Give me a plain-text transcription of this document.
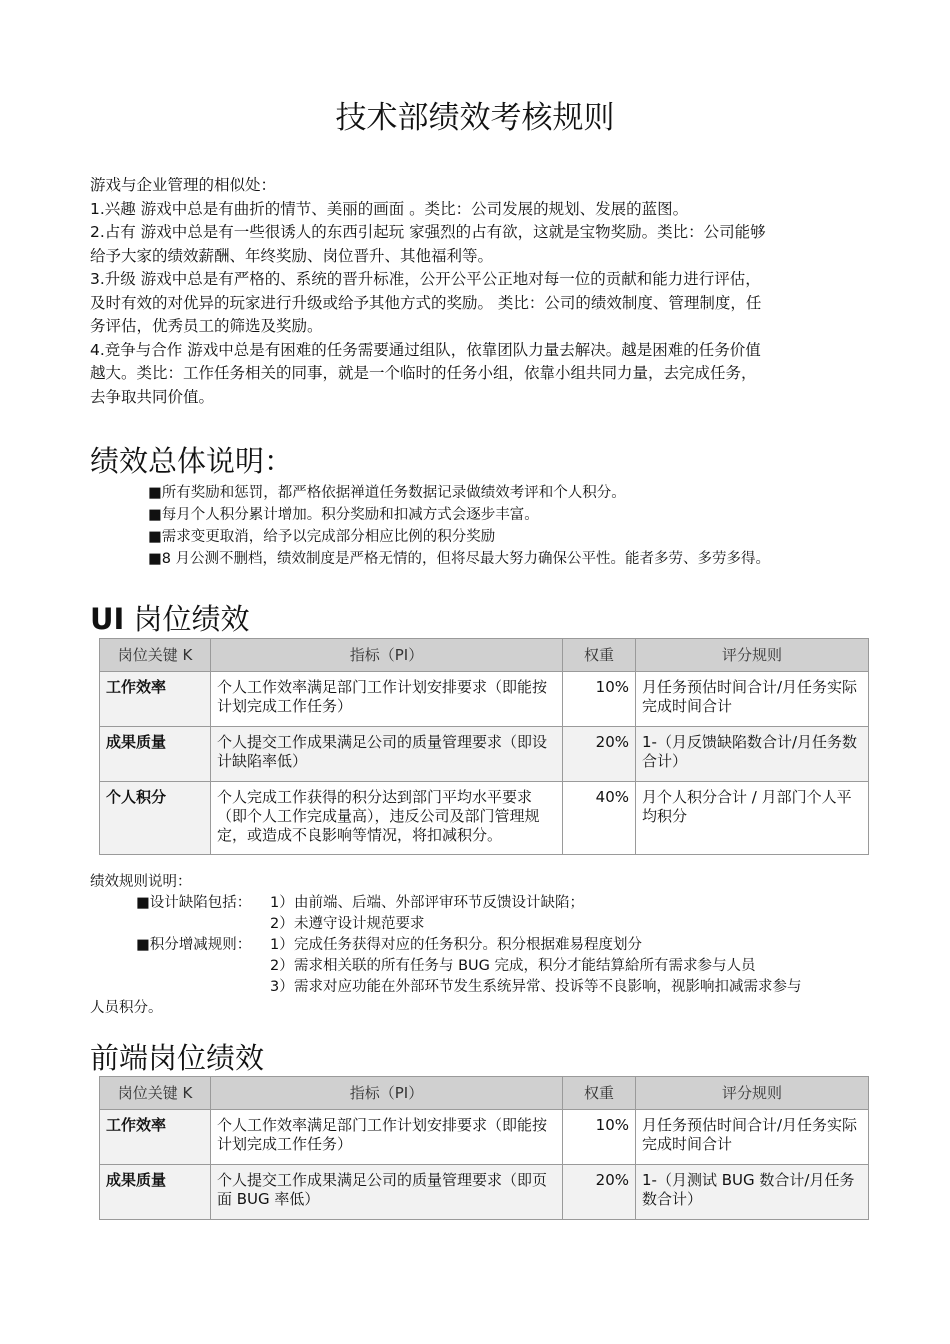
技术部绩效考核规则

游戏与企业管理的相似处：

1.兴趣 游戏中总是有曲折的情节、美丽的画面 。类比：公司发展的规划、发展的蓝图。

2.占有 游戏中总是有一些很诱人的东西引起玩 家强烈的占有欲，这就是宝物奖励。类比：公司能够

给予大家的绩效薪酬、年终奖励、岗位晋升、其他福利等。

3.升级 游戏中总是有严格的、系统的晋升标准，公开公平公正地对每一位的贡献和能力进行评估，

及时有效的对优异的玩家进行升级或给予其他方式的奖励。 类比：公司的绩效制度、管理制度，任

务评估，优秀员工的筛选及奖励。

4.竞争与合作 游戏中总是有困难的任务需要通过组队，依靠团队力量去解决。越是困难的任务价值

越大。类比：工作任务相关的同事，就是一个临时的任务小组，依靠小组共同力量，去完成任务，

去争取共同价值。

绩效总体说明：
■所有奖励和惩罚，都严格依据禅道任务数据记录做绩效考评和个人积分。
■每月个人积分累计增加。积分奖励和扣减方式会逐步丰富。
■需求变更取消，给予以完成部分相应比例的积分奖励
■8 月公测不删档，绩效制度是严格无情的，但将尽最大努力确保公平性。能者多劳、多劳多得。
UI 岗位绩效
岗位关键 K	指标（PI）	权重	评分规则
工作效率	个人工作效率满足部门工作计划安排要求（即能按计划完成工作任务）	10%	月任务预估时间合计/月任务实际完成时间合计
成果质量	个人提交工作成果满足公司的质量管理要求（即设计缺陷率低）	20%	1-（月反馈缺陷数合计/月任务数合计）
个人积分	个人完成工作获得的积分达到部门平均水平要求（即个人工作完成量高），违反公司及部门管理规定，或造成不良影响等情况，将扣减积分。	40%	月个人积分合计 / 月部门个人平均积分
绩效规则说明：
■设计缺陷包括： 1） 由前端、后端、外部评审环节反馈设计缺陷；
2） 未遵守设计规范要求
■积分增减规则： 1） 完成任务获得对应的任务积分。积分根据难易程度划分
2） 需求相关联的所有任务与 BUG 完成，积分才能结算給所有需求参与人员
3） 需求对应功能在外部环节发生系统异常、投诉等不良影响，视影响扣减需求参与
人员积分。
前端岗位绩效
岗位关键 K	指标（PI）	权重	评分规则
工作效率	个人工作效率满足部门工作计划安排要求（即能按计划完成工作任务）	10%	月任务预估时间合计/月任务实际完成时间合计
成果质量	个人提交工作成果满足公司的质量管理要求（即页面 BUG 率低）	20%	1-（月测试 BUG 数合计/月任务数合计）
